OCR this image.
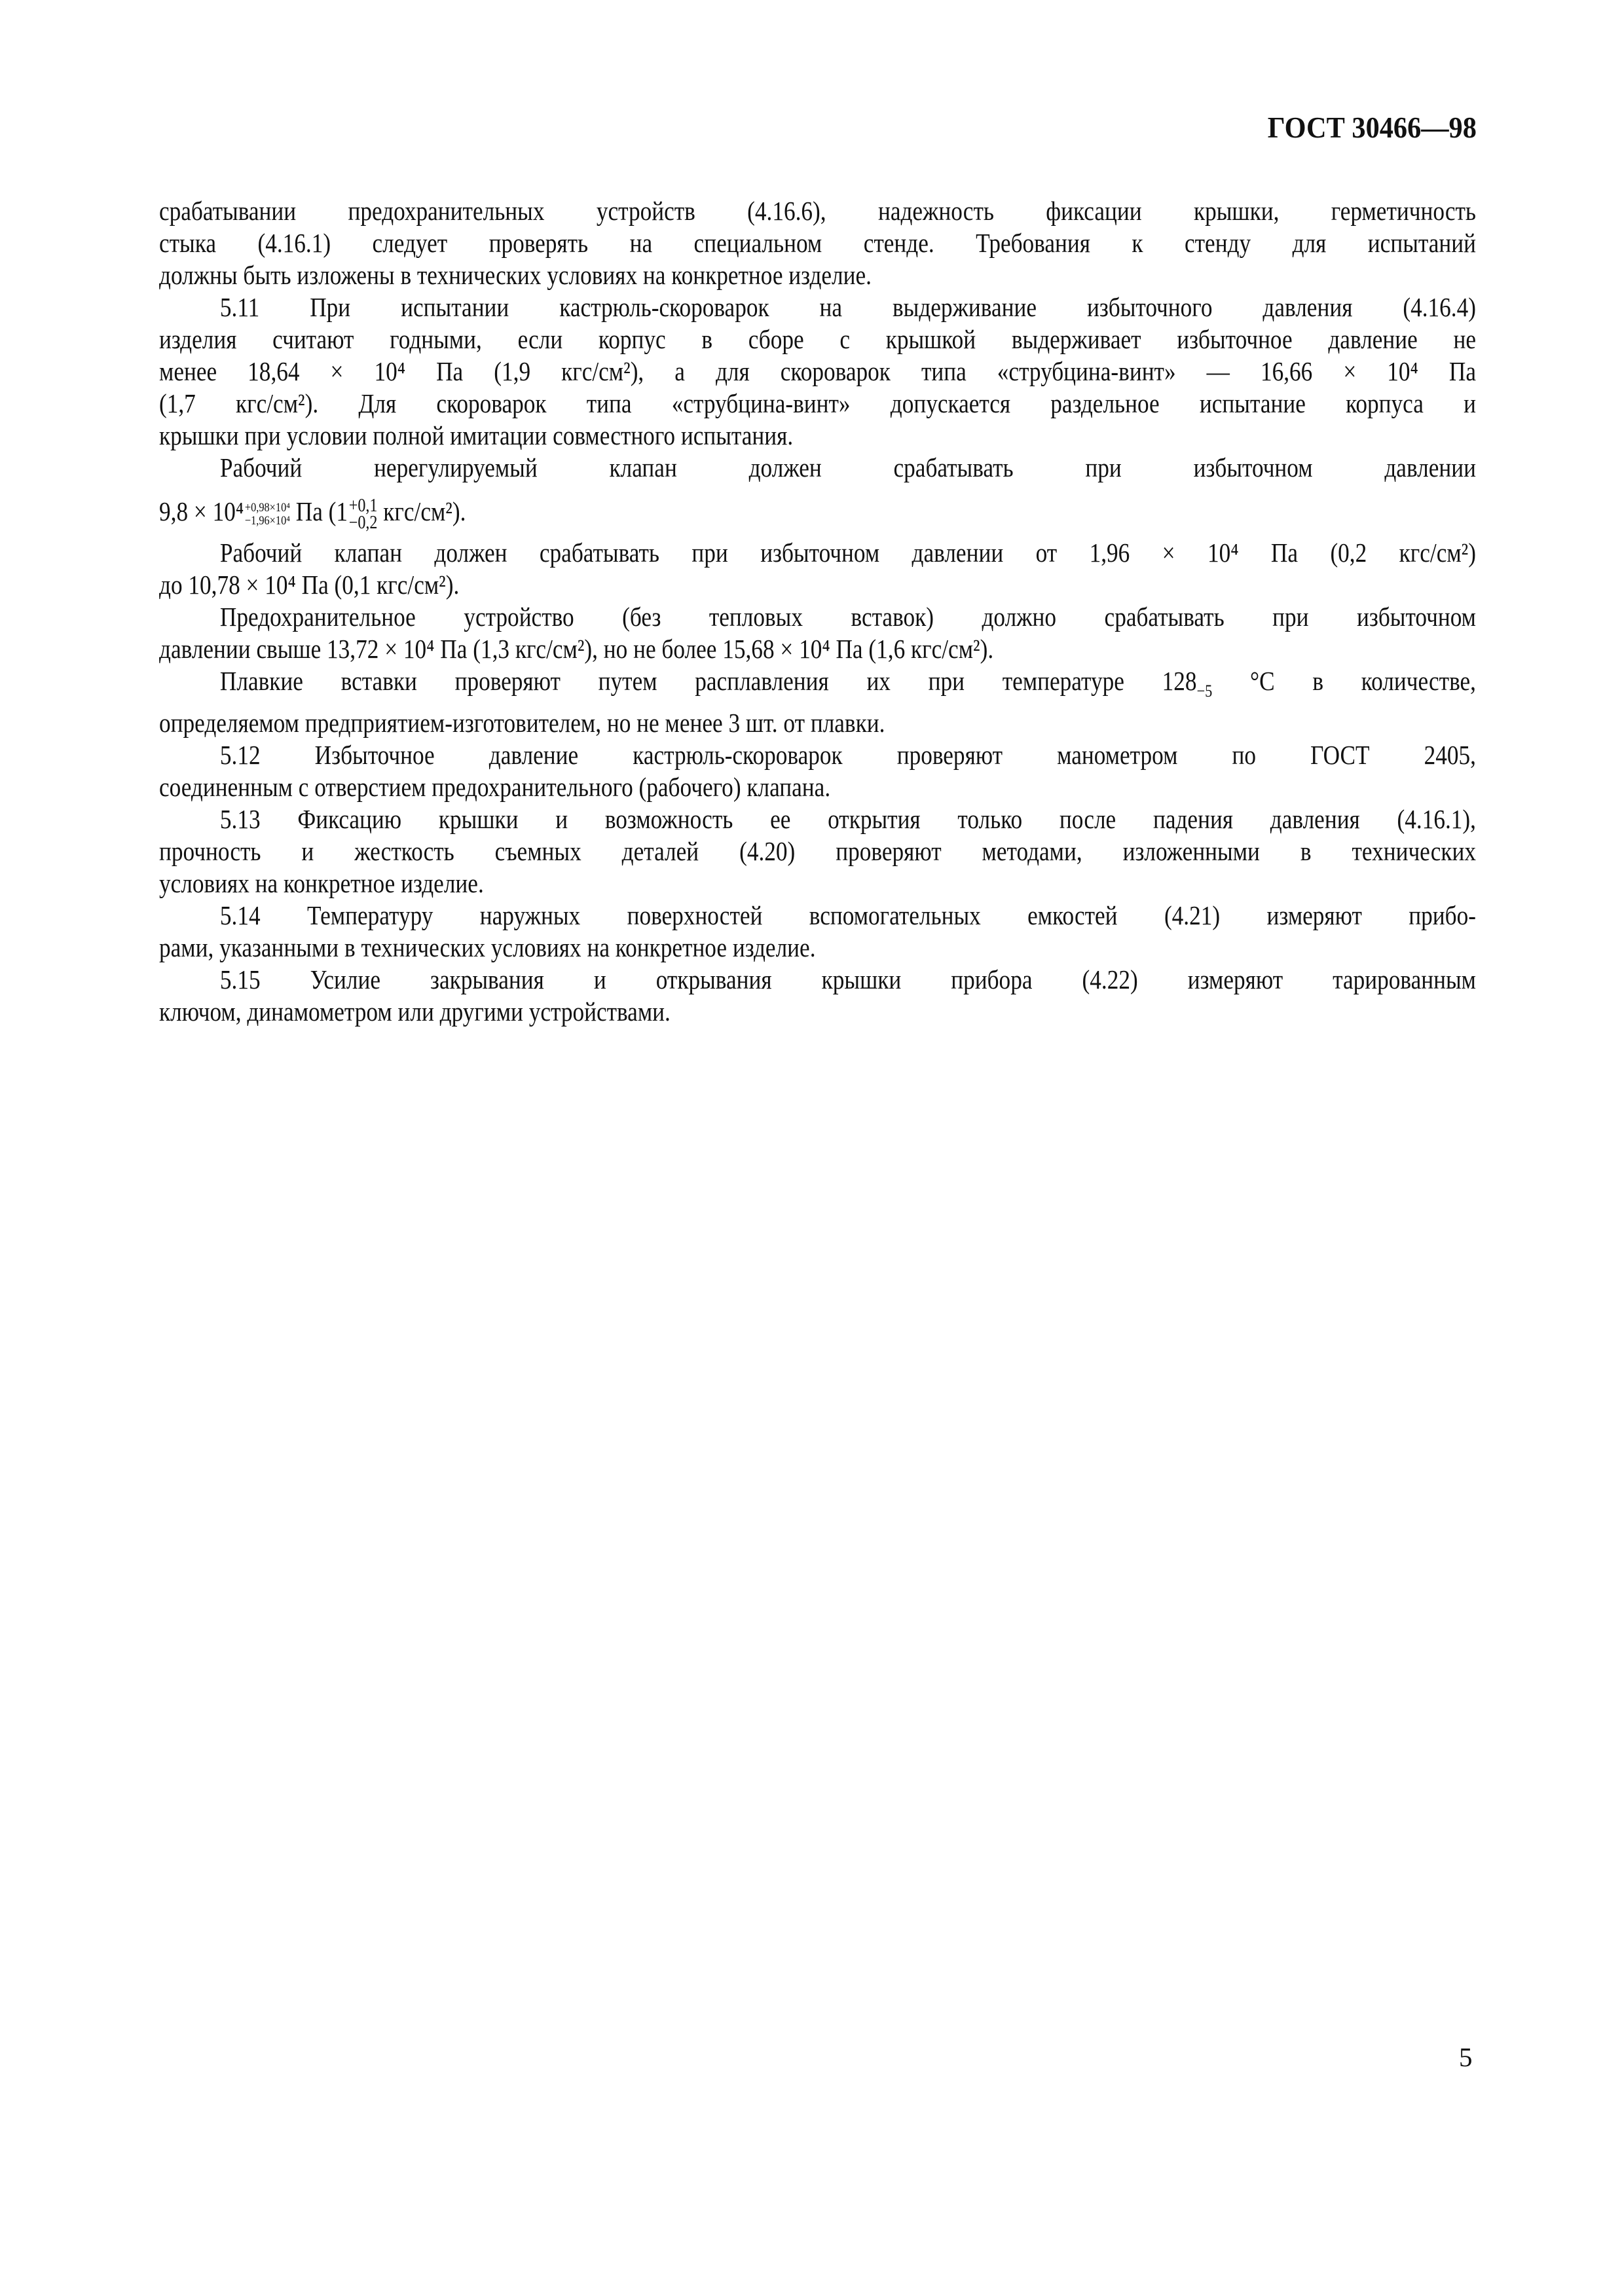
ГОСТ 30466—98
срабатывании предохранительных устройств (4.16.6), надежность фиксации крышки, герметичность
стыка (4.16.1) следует проверять на специальном стенде. Требования к стенду для испытаний
должны быть изложены в технических условиях на конкретное изделие.
5.11 При испытании кастрюль-скороварок на выдерживание избыточного давления (4.16.4)
изделия считают годными, если корпус в сборе с крышкой выдерживает избыточное давление не
менее 18,64 × 10⁴ Па (1,9 кгс/см²), а для скороварок типа «струбцина-винт» — 16,66 × 10⁴ Па
(1,7 кгс/см²). Для скороварок типа «струбцина-винт» допускается раздельное испытание корпуса и
крышки при условии полной имитации совместного испытания.
Рабочий нерегулируемый клапан должен срабатывать при избыточном давлении
9,8 × 10⁴ +0,98×10⁴
−1,96×10⁴ Па (1 +0,1
−0,2 кгс/см²).
Рабочий клапан должен срабатывать при избыточном давлении от 1,96 × 10⁴ Па (0,2 кгс/см²)
до 10,78 × 10⁴ Па (0,1 кгс/см²).
Предохранительное устройство (без тепловых вставок) должно срабатывать при избыточном
давлении свыше 13,72 × 10⁴ Па (1,3 кгс/см²), но не более 15,68 × 10⁴ Па (1,6 кгс/см²).
Плавкие вставки проверяют путем расплавления их при температуре $128_{-5}$ °С в количестве,
определяемом предприятием-изготовителем, но не менее 3 шт. от плавки.
5.12 Избыточное давление кастрюль-скороварок проверяют манометром по ГОСТ 2405,
соединенным с отверстием предохранительного (рабочего) клапана.
5.13 Фиксацию крышки и возможность ее открытия только после падения давления (4.16.1),
прочность и жесткость съемных деталей (4.20) проверяют методами, изложенными в технических
условиях на конкретное изделие.
5.14 Температуру наружных поверхностей вспомогательных емкостей (4.21) измеряют прибо-
рами, указанными в технических условиях на конкретное изделие.
5.15 Усилие закрывания и открывания крышки прибора (4.22) измеряют тарированным
ключом, динамометром или другими устройствами.
5
